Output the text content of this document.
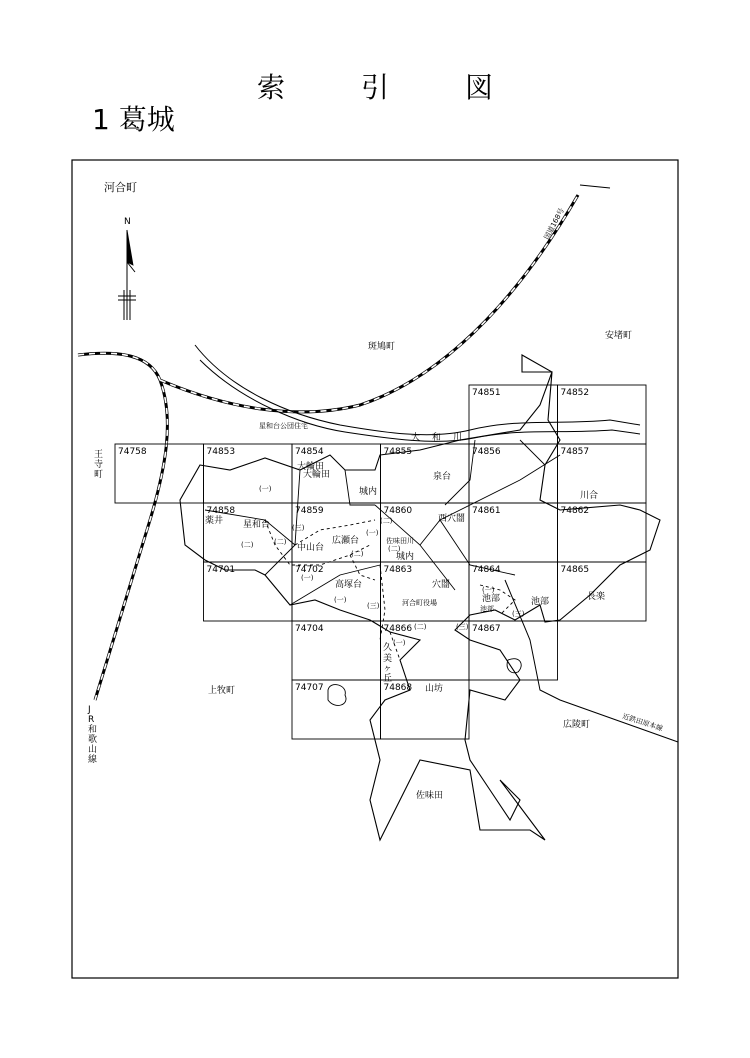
索	引	図
1 葛城
河合町
N
74851	74852
74758	74853	74854	74855	74856	74857
74858	74859	74860	74861	74862
74701	74702	74863	74864	74865
74704	74866	74867
74707	74868
斑鳩町
安堵町
大輪田
大輪田	泉台
城内	川合
薬井 星和台
西穴闇
広瀬台
中山台
城内
高塚台	穴闇
池部	池部	長楽
上牧町	山坊
広陵町
佐味田
星和台公団住宅
佐味田川
河合町役場
池部
(一)
(二)
(一)
(二)	(二)
(三)
(二)
(二)
(一)
(一)
(三)
(一)
(三)
(二)	(三)
(一)
王
寺
町
J
R
和
歌
山
線
久
美
ヶ
丘
大 和 川
近鉄田原本線
国道168号
